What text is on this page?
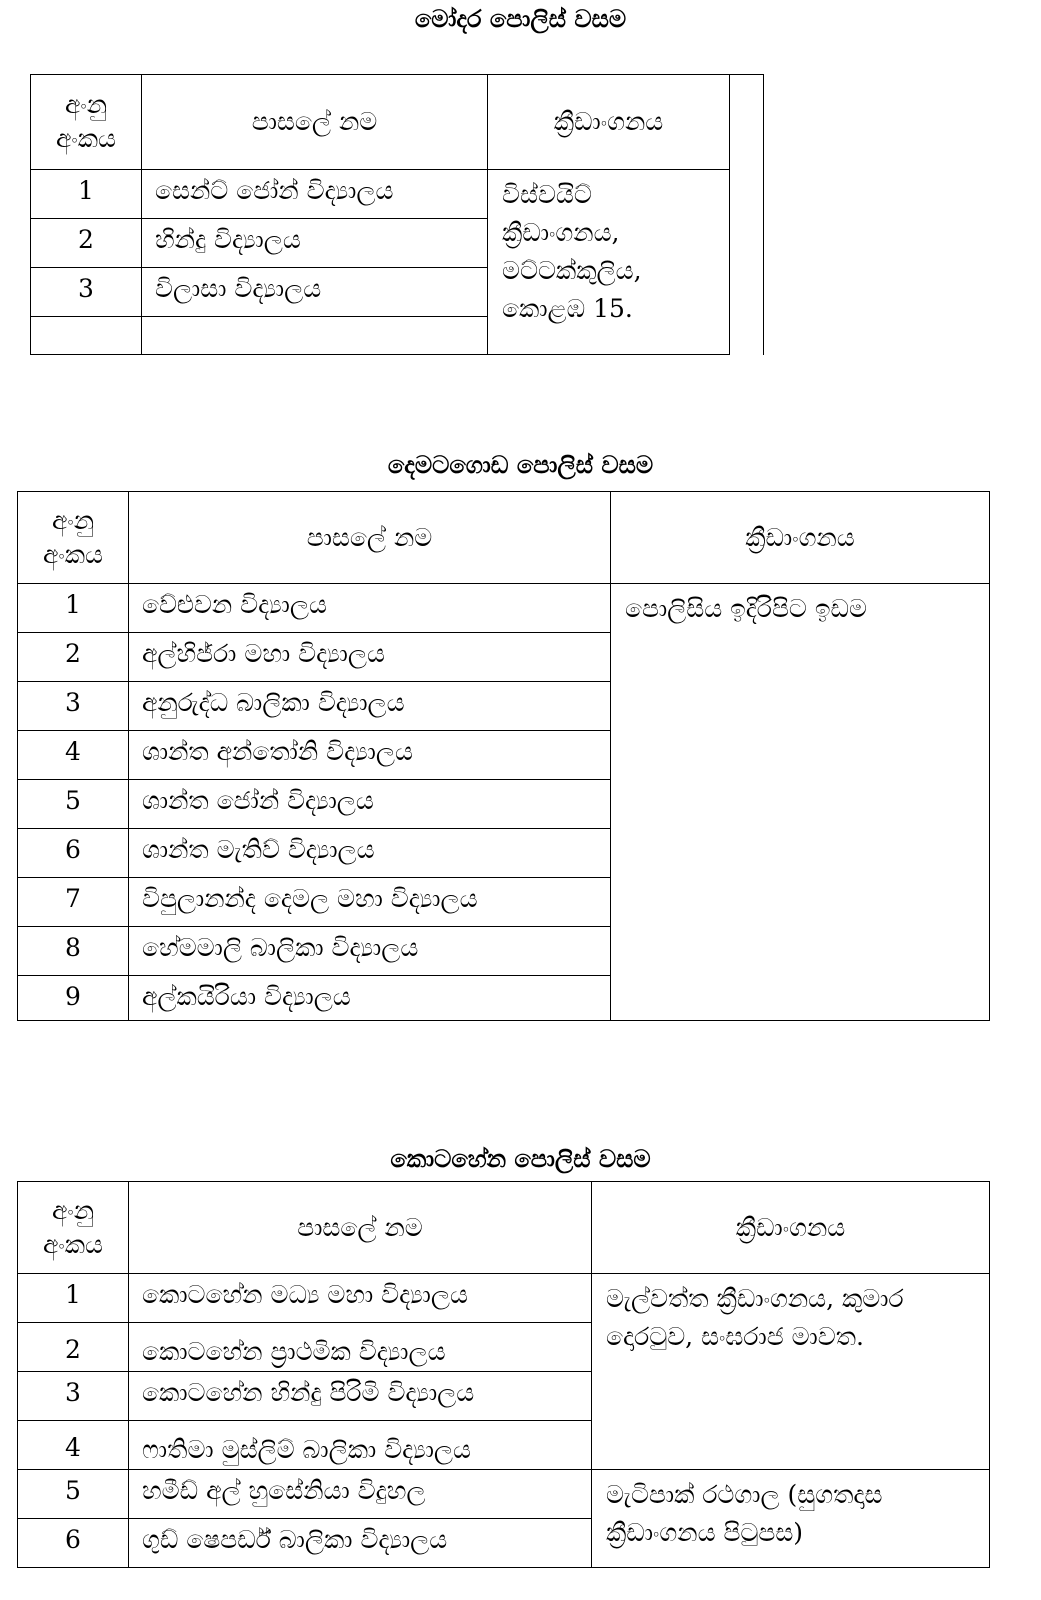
මෝදර පොලිස් වසම
අංනු
අංකය	පාසලේ නම	ක්‍රීඩාංගනය	
1	සෙන්ට් ජෝන් විද්‍යාලය	විස්වයිට් ක්‍රීඩාංගනය, මට්ටක්කුලිය, කොළඹ 15.	
2	හින්දු විද්‍යාලය		
3	විලාසා විද්‍යාලය		

දෙමටගොඩ පොලිස් වසම
අංනු
අංකය	පාසලේ නම	ක්‍රීඩාංගනය
1	වේළුවන විද්‍යාලය	පොලිසිය ඉදිරිපිට ඉඩම
2	අල්හිජ්රා මහා විද්‍යාලය	
3	අනුරුද්ධ බාලිකා විද්‍යාලය	
4	ශාන්ත අන්තෝනි විද්‍යාලය	
5	ශාන්ත ජෝන් විද්‍යාලය	
6	ශාන්ත මැතිව් විද්‍යාලය	
7	විපුලානන්ද දෙමල මහා විද්‍යාලය	
8	හේමමාලි බාලිකා විද්‍යාලය	
9	අල්කයිරියා විද්‍යාලය	
කොටහේන පොලිස් වසම
අංනු
අංකය	පාසලේ නම	ක්‍රීඩාංගනය
1	කොටහේන මධ්‍ය මහා විද්‍යාලය	මැල්වත්ත ක්‍රීඩාංගනය, කුමාර දොරටුව, සංඝරාජ මාවත.
2	කොටහේන ප්‍රාථමික විද්‍යාලය	
3	කොටහේන හින්දු පිරිමි විද්‍යාලය	
4	ෆාතිමා මුස්ලිම් බාලිකා විද්‍යාලය	
5	හමීඩ් අල් හුසේනියා විදුහල	මැටිපාක් රථගාල (සුගතදාස ක්‍රීඩාංගනය පිටුපස)
6	ගුඩ් ෂෙපර්ඩ් බාලිකා විද්‍යාලය	
